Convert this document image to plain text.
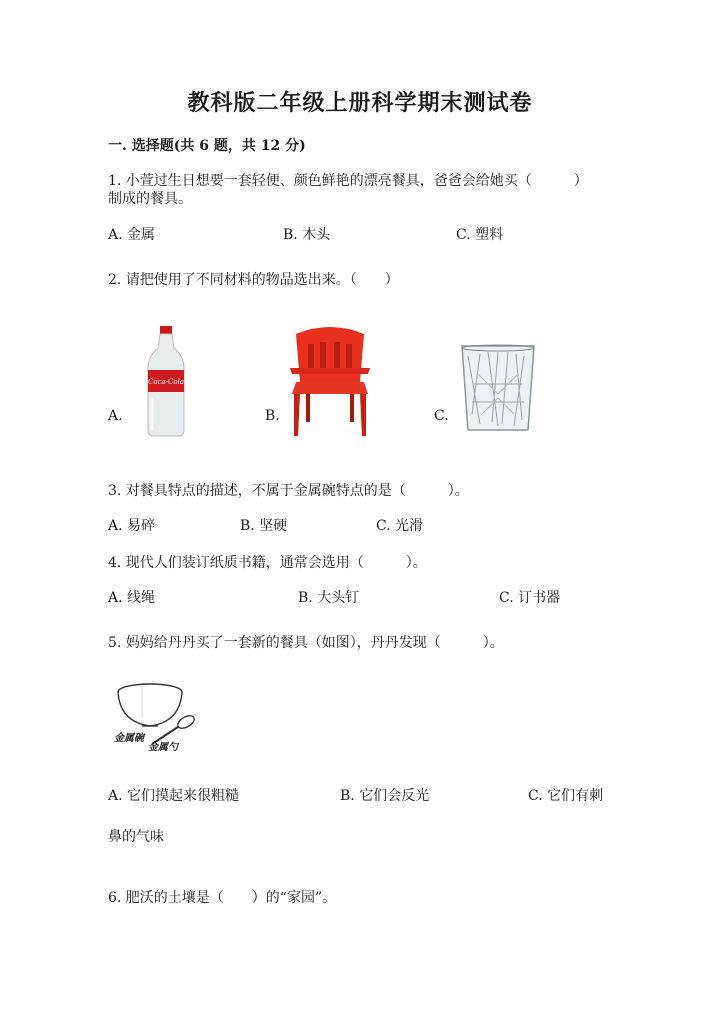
教科版二年级上册科学期末测试卷
一. 选择题(共 6 题，共 12 分)
1. 小萱过生日想要一套轻便、颜色鲜艳的漂亮餐具，爸爸会给她买（　　　）
制成的餐具。
A. 金属	B. 木头	C. 塑料
2. 请把使用了不同材料的物品选出来。（　　）
A.	B.	C.
Coca-Cola
3. 对餐具特点的描述，不属于金属碗特点的是（　　　）。
A. 易碎	B. 坚硬	C. 光滑
4. 现代人们装订纸质书籍，通常会选用（　　　）。
A. 线绳	B. 大头钉	C. 订书器
5. 妈妈给丹丹买了一套新的餐具（如图），丹丹发现（　　　）。
金属碗
金属勺
A. 它们摸起来很粗糙	B. 它们会反光	C. 它们有刺
鼻的气味
6. 肥沃的土壤是（　　）的“家园”。
